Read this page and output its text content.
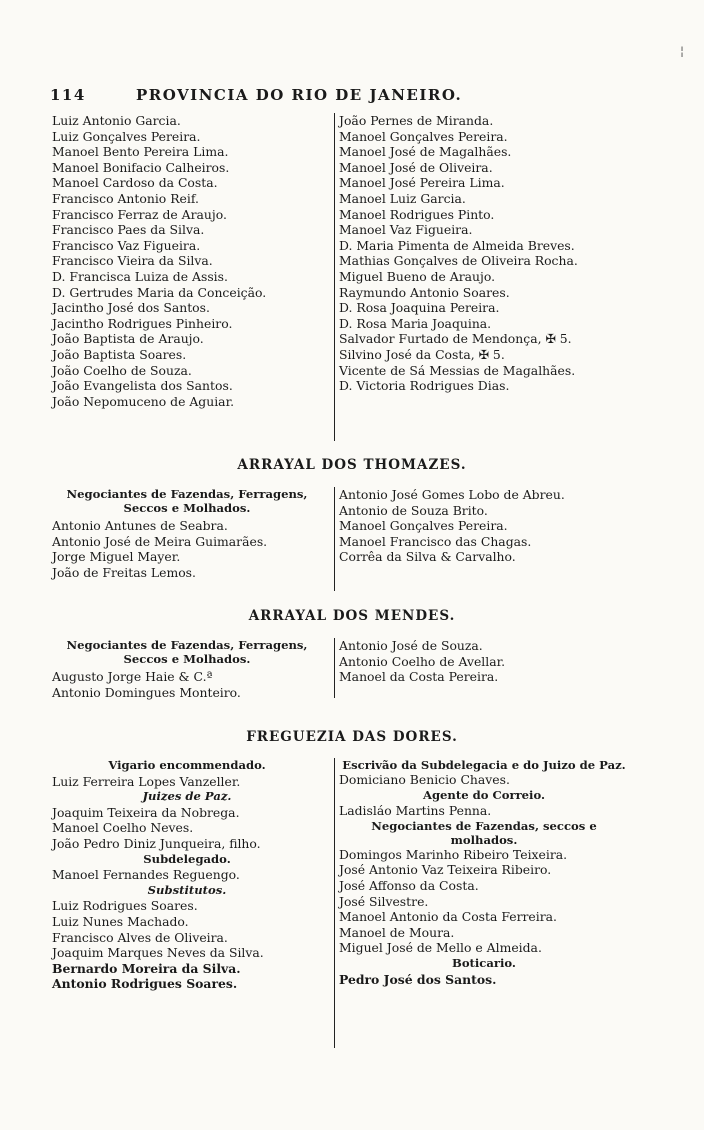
¦
114	PROVINCIA DO RIO DE JANEIRO.
Luiz Antonio Garcia.
Luiz Gonçalves Pereira.
Manoel Bento Pereira Lima.
Manoel Bonifacio Calheiros.
Manoel Cardoso da Costa.
Francisco Antonio Reif.
Francisco Ferraz de Araujo.
Francisco Paes da Silva.
Francisco Vaz Figueira.
Francisco Vieira da Silva.
D. Francisca Luiza de Assis.
D. Gertrudes Maria da Conceição.
Jacintho José dos Santos.
Jacintho Rodrigues Pinheiro.
João Baptista de Araujo.
João Baptista Soares.
João Coelho de Souza.
João Evangelista dos Santos.
João Nepomuceno de Aguiar.
João Pernes de Miranda.
Manoel Gonçalves Pereira.
Manoel José de Magalhães.
Manoel José de Oliveira.
Manoel José Pereira Lima.
Manoel Luiz Garcia.
Manoel Rodrigues Pinto.
Manoel Vaz Figueira.
D. Maria Pimenta de Almeida Breves.
Mathias Gonçalves de Oliveira Rocha.
Miguel Bueno de Araujo.
Raymundo Antonio Soares.
D. Rosa Joaquina Pereira.
D. Rosa Maria Joaquina.
Salvador Furtado de Mendonça, ✠ 5.
Silvino José da Costa, ✠ 5.
Vicente de Sá Messias de Magalhães.
D. Victoria Rodrigues Dias.
ARRAYAL DOS THOMAZES.
Negociantes de Fazendas, Ferragens, Seccos e Molhados.
Antonio Antunes de Seabra.
Antonio José de Meira Guimarães.
Jorge Miguel Mayer.
João de Freitas Lemos.
Antonio José Gomes Lobo de Abreu.
Antonio de Souza Brito.
Manoel Gonçalves Pereira.
Manoel Francisco das Chagas.
Corrêa da Silva & Carvalho.
ARRAYAL DOS MENDES.
Negociantes de Fazendas, Ferragens, Seccos e Molhados.
Augusto Jorge Haie & C.ª
Antonio Domingues Monteiro.
Antonio José de Souza.
Antonio Coelho de Avellar.
Manoel da Costa Pereira.
FREGUEZIA DAS DORES.
Vigario encommendado.
Luiz Ferreira Lopes Vanzeller.
Juizes de Paz.
Joaquim Teixeira da Nobrega.
Manoel Coelho Neves.
João Pedro Diniz Junqueira, filho.
Subdelegado.
Manoel Fernandes Reguengo.
Substitutos.
Luiz Rodrigues Soares.
Luiz Nunes Machado.
Francisco Alves de Oliveira.
Joaquim Marques Neves da Silva.
Bernardo Moreira da Silva.
Antonio Rodrigues Soares.
Escrivão da Subdelegacia e do Juizo de Paz.
Domiciano Benicio Chaves.
Agente do Correio.
Ladisláo Martins Penna.
Negociantes de Fazendas, seccos e molhados.
Domingos Marinho Ribeiro Teixeira.
José Antonio Vaz Teixeira Ribeiro.
José Affonso da Costa.
José Silvestre.
Manoel Antonio da Costa Ferreira.
Manoel de Moura.
Miguel José de Mello e Almeida.
Boticario.
Pedro José dos Santos.
